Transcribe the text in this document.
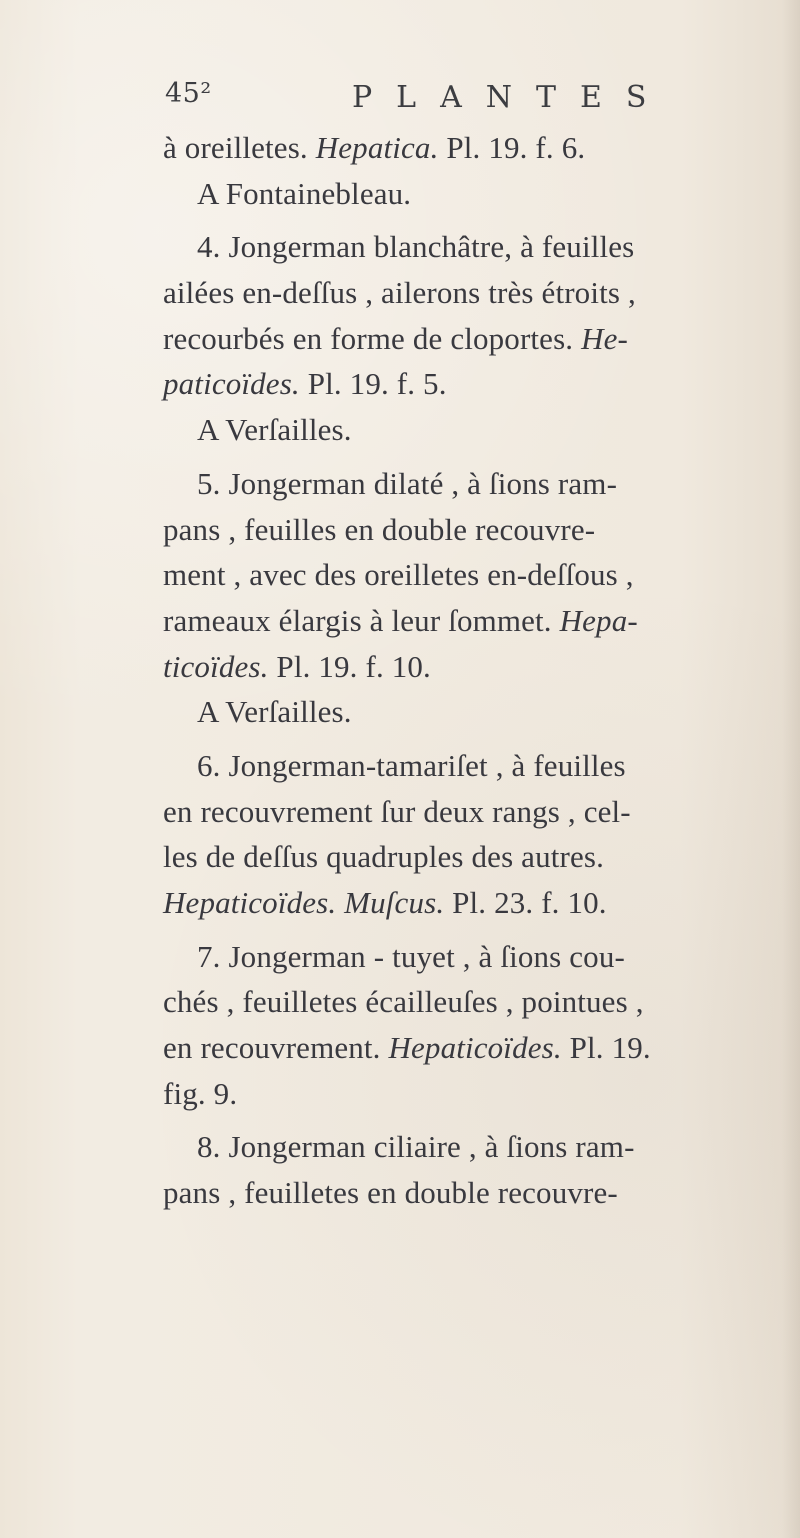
45²	PLANTES
à oreilletes. Hepatica. Pl. 19. f. 6.
A Fontainebleau.
4. Jongerman blanchâtre, à feuilles
ailées en-deſſus , ailerons très étroits ,
recourbés en forme de cloportes. He-
paticoïdes. Pl. 19. f. 5.
A Verſailles.
5. Jongerman dilaté , à ſions ram-
pans , feuilles en double recouvre-
ment , avec des oreilletes en-deſſous ,
rameaux élargis à leur ſommet. Hepa-
ticoïdes. Pl. 19. f. 10.
A Verſailles.
6. Jongerman-tamariſet , à feuilles
en recouvrement ſur deux rangs , cel-
les de deſſus quadruples des autres.
Hepaticoïdes. Muſcus. Pl. 23. f. 10.
7. Jongerman - tuyet , à ſions cou-
chés , feuilletes écailleuſes , pointues ,
en recouvrement. Hepaticoïdes. Pl. 19.
fig. 9.
8. Jongerman ciliaire , à ſions ram-
pans , feuilletes en double recouvre-
